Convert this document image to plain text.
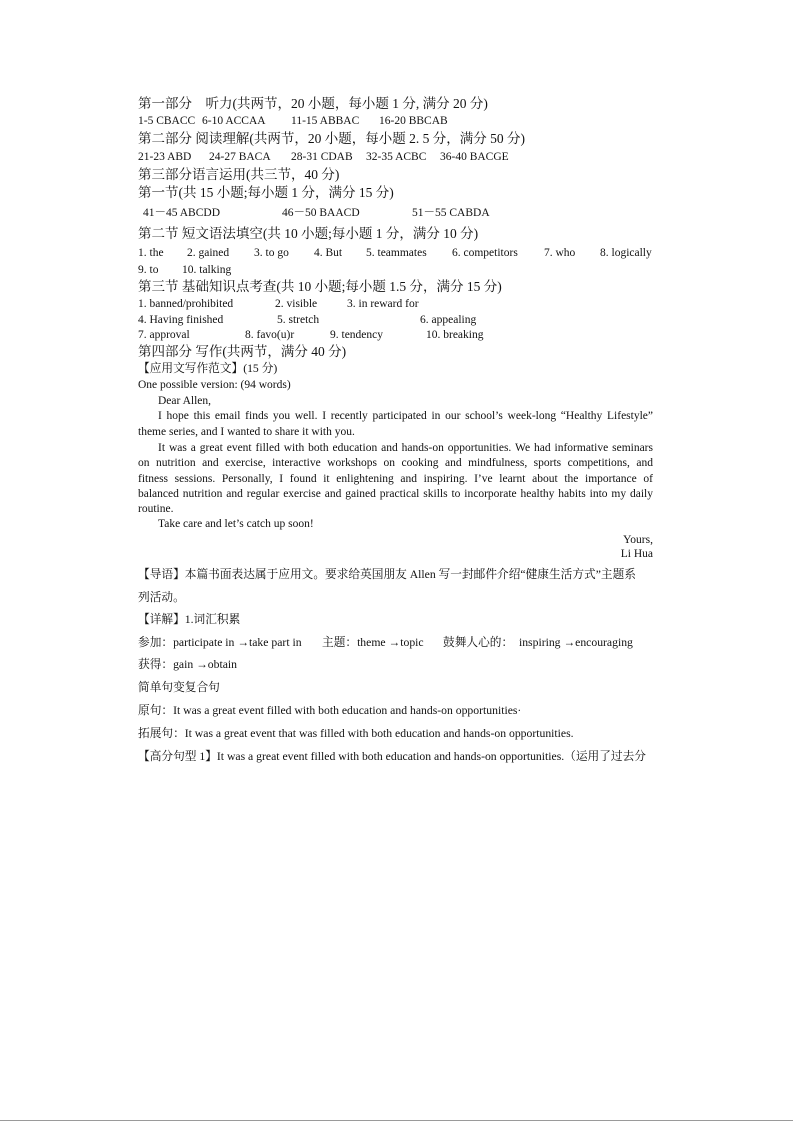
第一部分　听力(共两节，20 小题，每小题 1 分, 满分 20 分)
1-5 CBACC 6-10 ACCAA 11-15 ABBAC 16-20 BBCAB
第二部分 阅读理解(共两节，20 小题，每小题 2. 5 分，满分 50 分)
21-23 ABD 24-27 BACA 28-31 CDAB 32-35 ACBC 36-40 BACGE
第三部分语言运用(共三节，40 分)
第一节(共 15 小题;每小题 1 分，满分 15 分)
41－45 ABCDD	46－50 BAACD	51－55 CABDA
第二节 短文语法填空(共 10 小题;每小题 1 分，满分 10 分)
1. the 2. gained 3. to go 4. But 5. teammates 6. competitors 7. who 8. logically
9. to 10. talking
第三节 基础知识点考查(共 10 小题;每小题 1.5 分，满分 15 分)
1. banned/prohibited	2. visible	3. in reward for
4. Having finished	5. stretch	6. appealing
7. approval	8. favo(u)r	9. tendency	10. breaking
第四部分 写作(共两节，满分 40 分)
【应用文写作范文】(15 分)
One possible version: (94 words)
Dear Allen,
I hope this email finds you well. I recently participated in our school’s week-long “Healthy Lifestyle”
theme series, and I wanted to share it with you.
It was a great event filled with both education and hands-on opportunities. We had informative seminars
on nutrition and exercise, interactive workshops on cooking and mindfulness, sports competitions, and
fitness sessions. Personally, I found it enlightening and inspiring. I’ve learnt about the importance of
balanced nutrition and regular exercise and gained practical skills to incorporate healthy habits into my daily
routine.
Take care and let’s catch up soon!
Yours,
Li Hua
【导语】本篇书面表达属于应用文。要求给英国朋友 Allen 写一封邮件介绍“健康生活方式”主题系
列活动。
【详解】1.词汇积累
参加：participate in →take part in 主题：theme →topic 鼓舞人心的：　inspiring →encouraging
获得：gain →obtain
简单句变复合句
原句：It was a great event filled with both education and hands-on opportunities·
拓展句：It was a great event that was filled with both education and hands-on opportunities.
【高分句型 1】It was a great event filled with both education and hands-on opportunities.（运用了过去分
